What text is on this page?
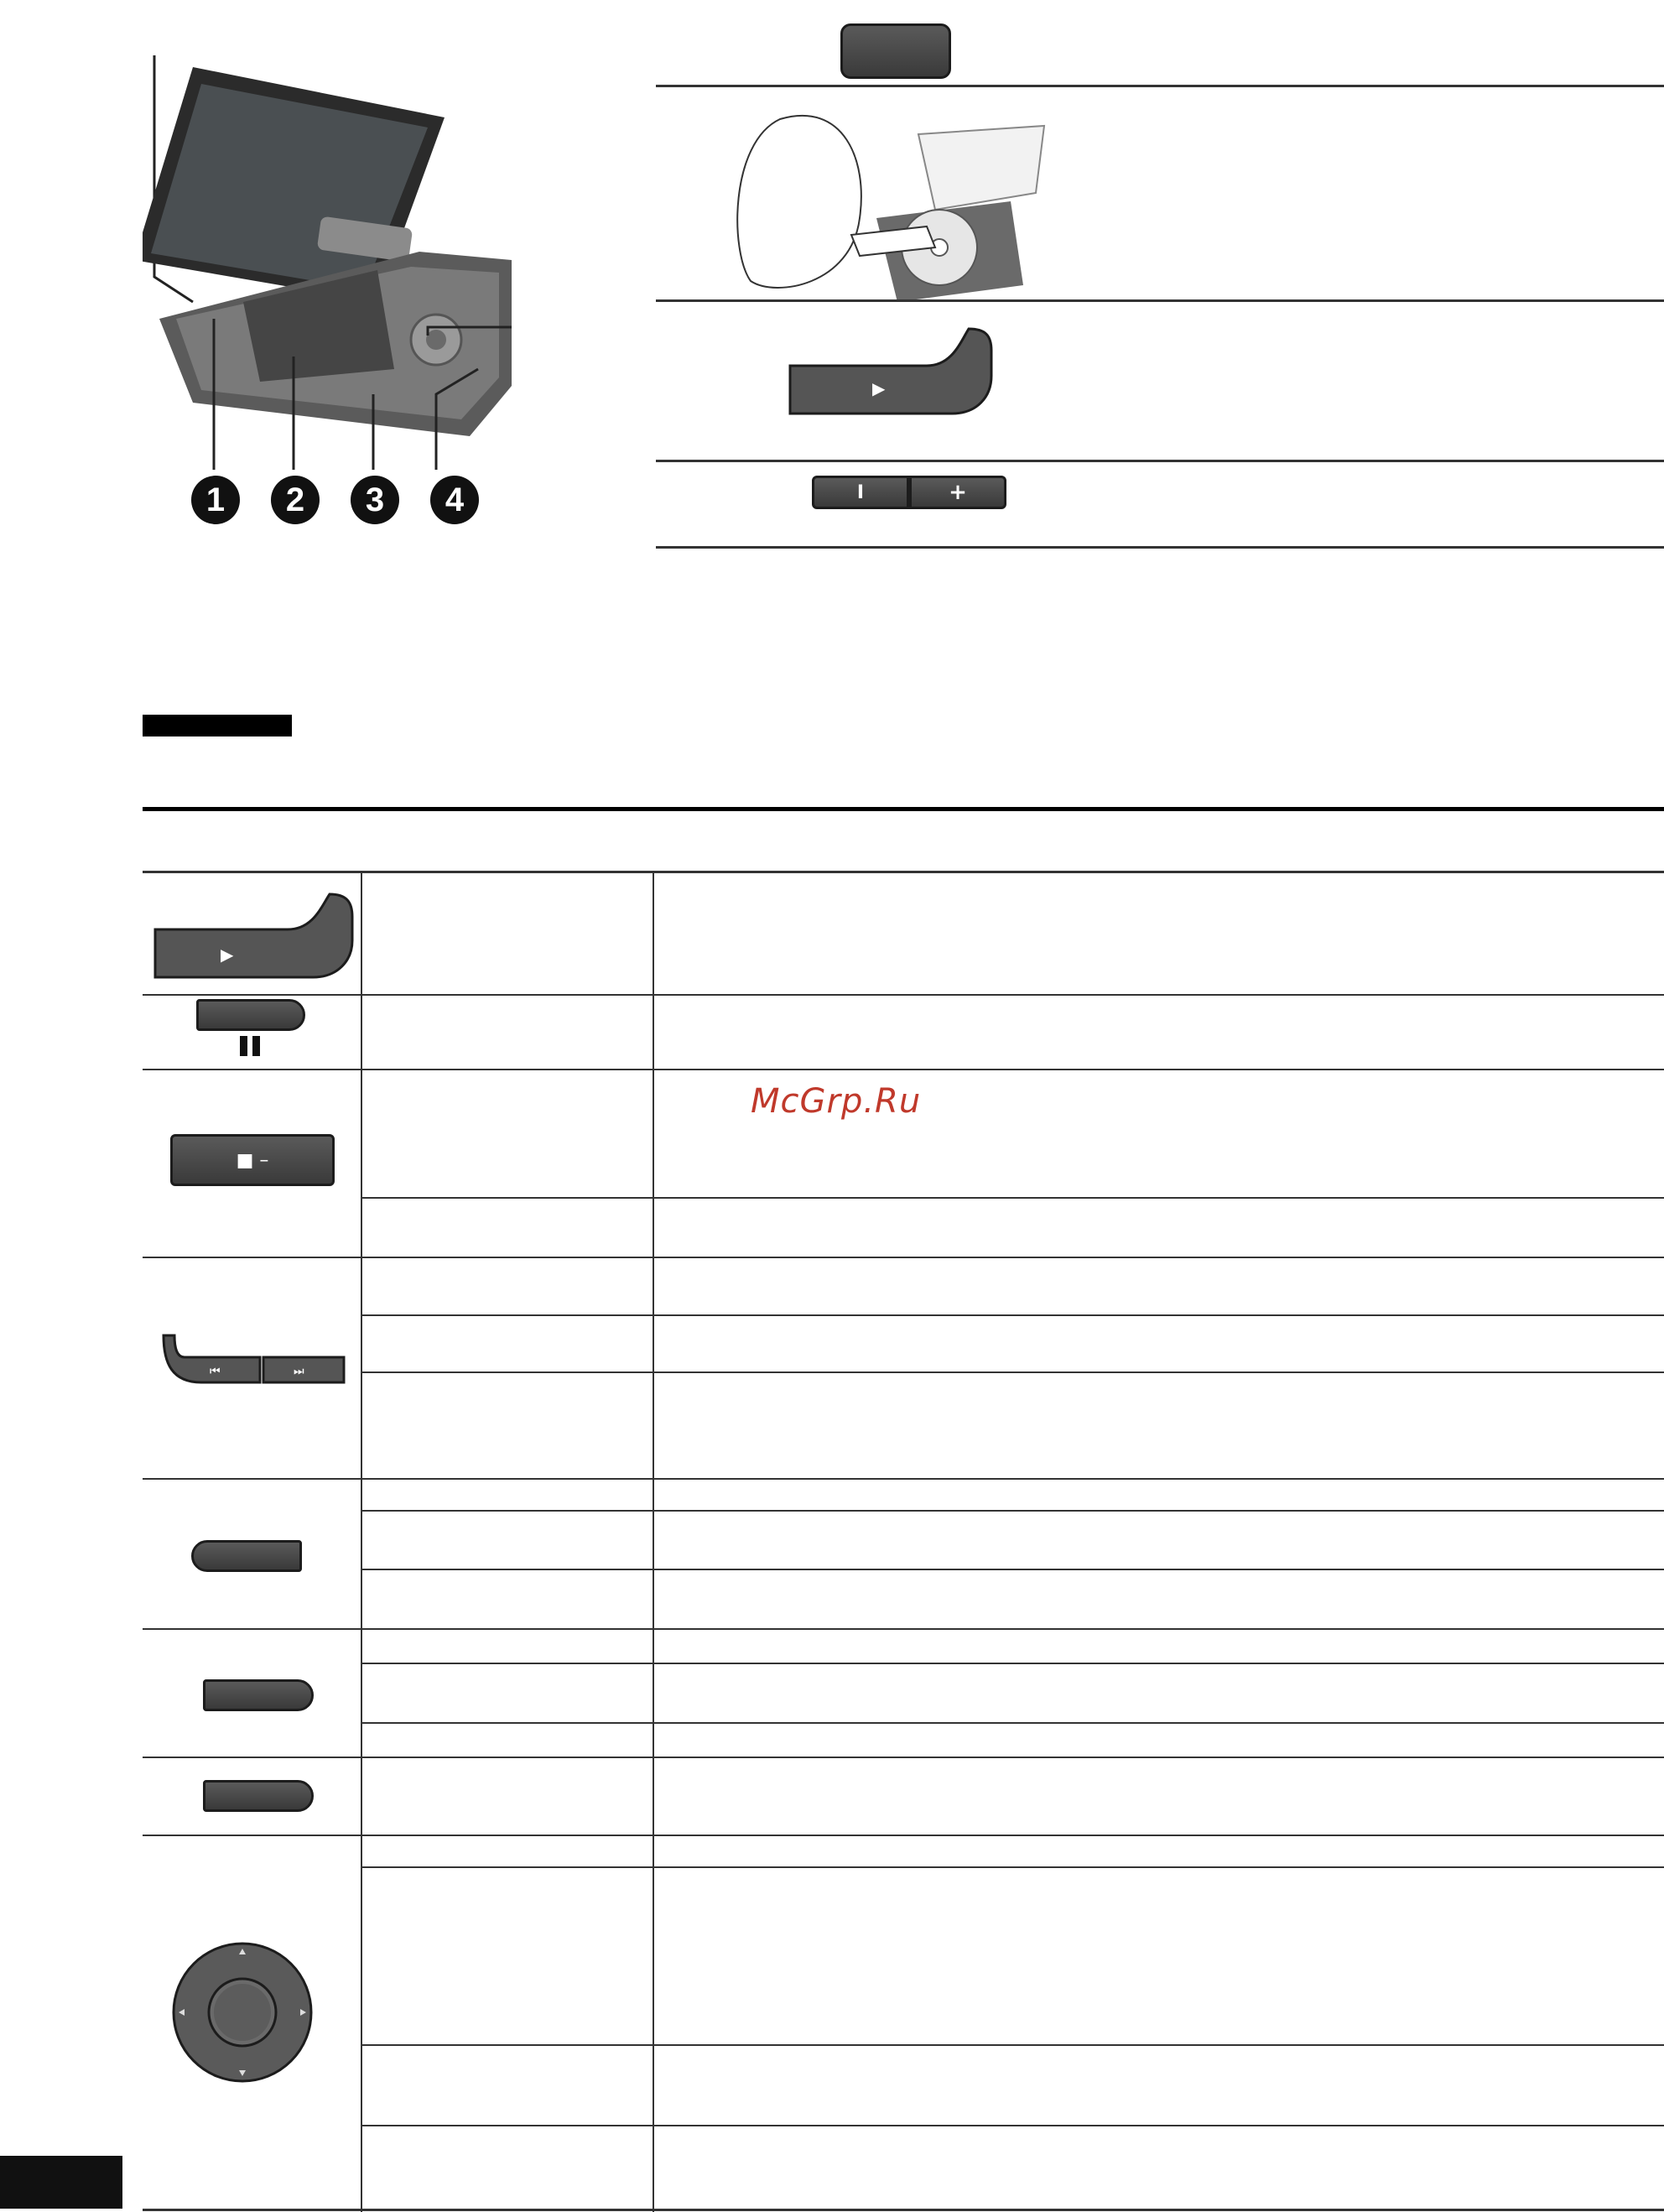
1	2	3	4
▶
I	+
▶
■ –
⏮	⏭
McGrp.Ru
